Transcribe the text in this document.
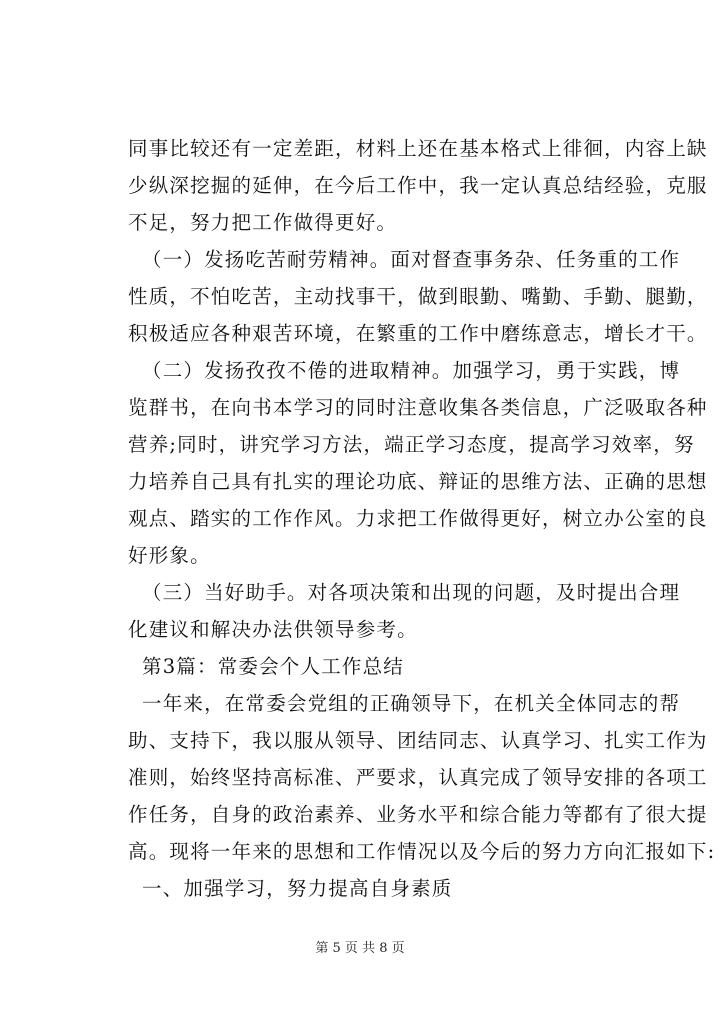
同事比较还有一定差距，材料上还在基本格式上徘徊，内容上缺
少纵深挖掘的延伸，在今后工作中，我一定认真总结经验，克服
不足，努力把工作做得更好。
（一）发扬吃苦耐劳精神。面对督查事务杂、任务重的工作
性质，不怕吃苦，主动找事干，做到眼勤、嘴勤、手勤、腿勤，
积极适应各种艰苦环境，在繁重的工作中磨练意志，增长才干。
（二）发扬孜孜不倦的进取精神。加强学习，勇于实践，博
览群书，在向书本学习的同时注意收集各类信息，广泛吸取各种
营养;同时，讲究学习方法，端正学习态度，提高学习效率，努
力培养自己具有扎实的理论功底、辩证的思维方法、正确的思想
观点、踏实的工作作风。力求把工作做得更好，树立办公室的良
好形象。
（三）当好助手。对各项决策和出现的问题，及时提出合理
化建议和解决办法供领导参考。
第3篇：常委会个人工作总结
一年来，在常委会党组的正确领导下，在机关全体同志的帮
助、支持下，我以服从领导、团结同志、认真学习、扎实工作为
准则，始终坚持高标准、严要求，认真完成了领导安排的各项工
作任务，自身的政治素养、业务水平和综合能力等都有了很大提
高。现将一年来的思想和工作情况以及今后的努力方向汇报如下:
一、加强学习，努力提高自身素质
第 5 页 共 8 页
